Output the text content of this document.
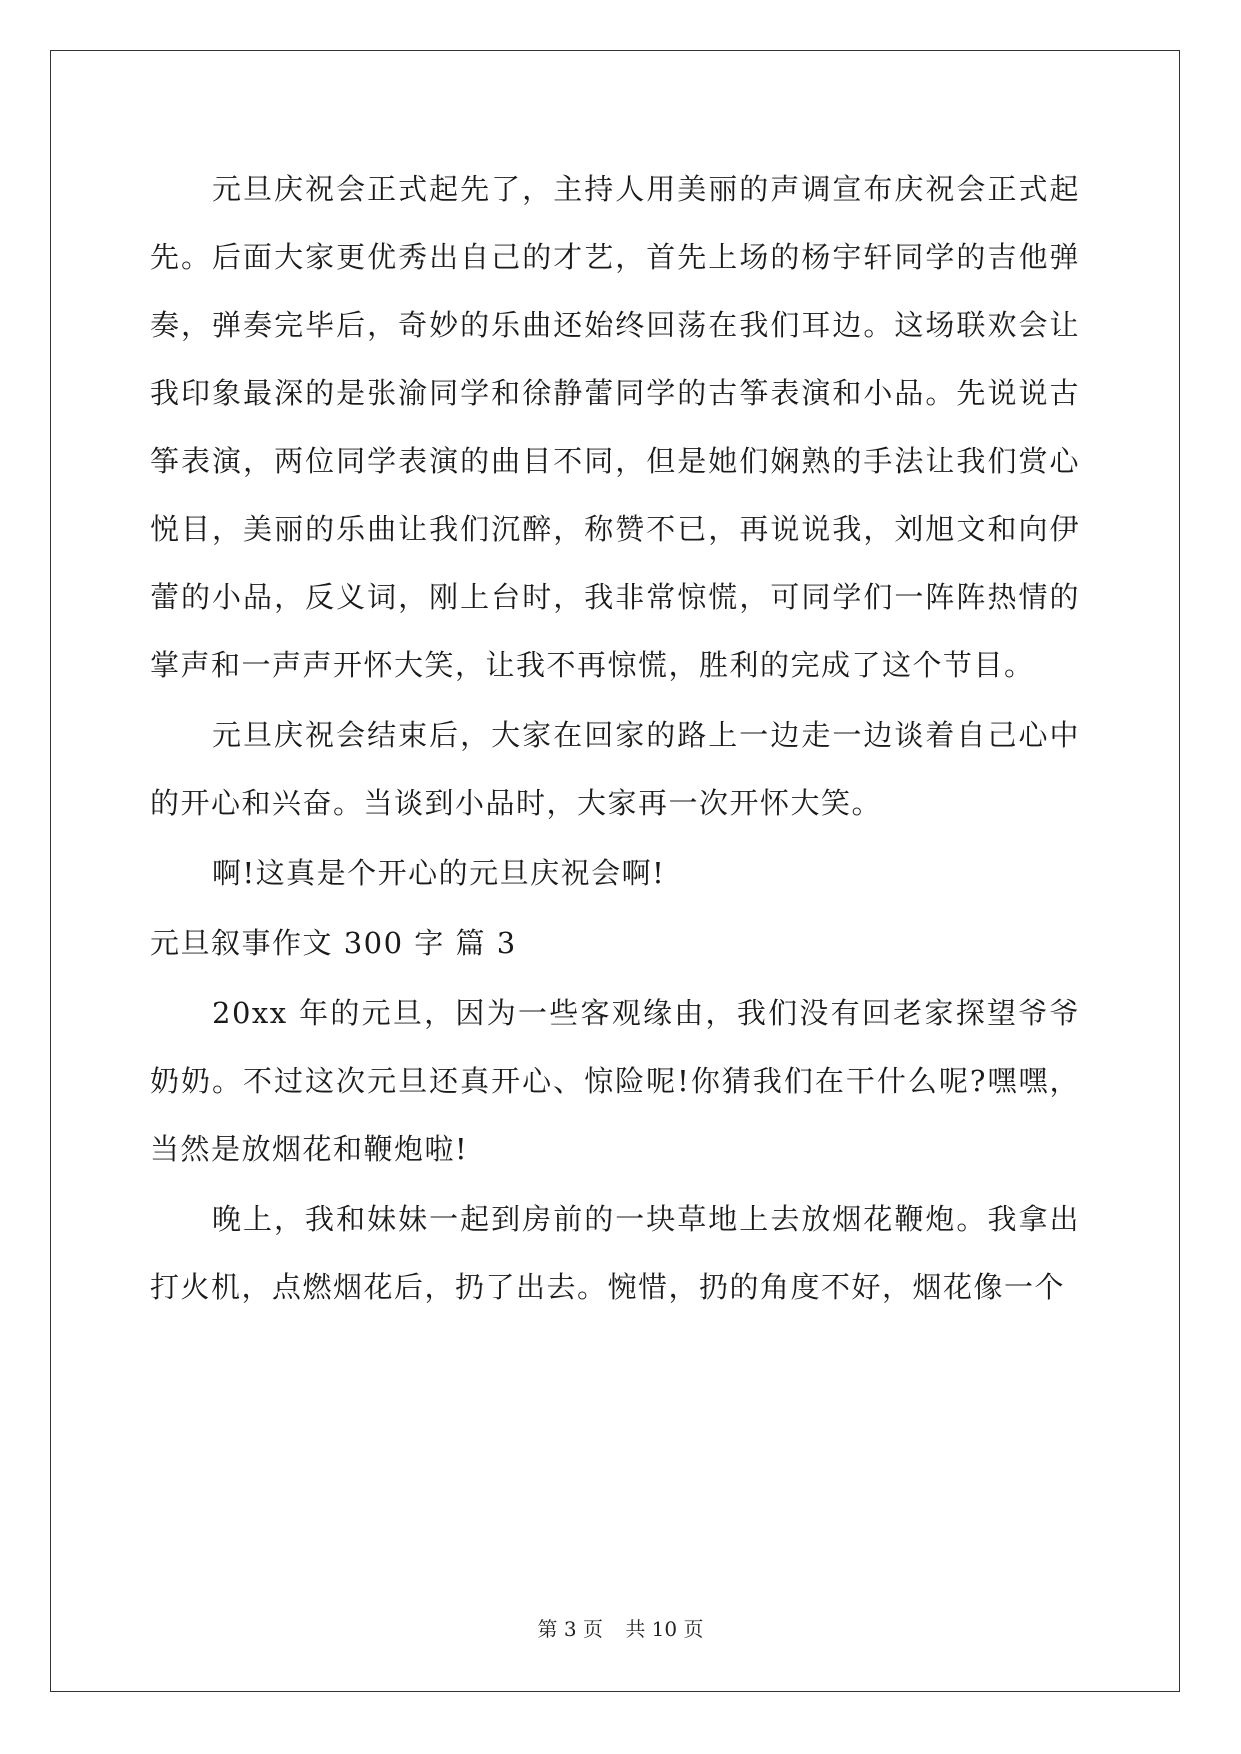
元旦庆祝会正式起先了，主持人用美丽的声调宣布庆祝会正式起先。后面大家更优秀出自己的才艺，首先上场的杨宇轩同学的吉他弹奏，弹奏完毕后，奇妙的乐曲还始终回荡在我们耳边。这场联欢会让我印象最深的是张渝同学和徐静蕾同学的古筝表演和小品。先说说古筝表演，两位同学表演的曲目不同，但是她们娴熟的手法让我们赏心悦目，美丽的乐曲让我们沉醉，称赞不已，再说说我，刘旭文和向伊蕾的小品，反义词，刚上台时，我非常惊慌，可同学们一阵阵热情的掌声和一声声开怀大笑，让我不再惊慌，胜利的完成了这个节目。

元旦庆祝会结束后，大家在回家的路上一边走一边谈着自己心中的开心和兴奋。当谈到小品时，大家再一次开怀大笑。

啊!这真是个开心的元旦庆祝会啊!

元旦叙事作文 300 字 篇 3

20xx 年的元旦，因为一些客观缘由，我们没有回老家探望爷爷奶奶。不过这次元旦还真开心、惊险呢!你猜我们在干什么呢?嘿嘿，当然是放烟花和鞭炮啦!

晚上，我和妹妹一起到房前的一块草地上去放烟花鞭炮。我拿出打火机，点燃烟花后，扔了出去。惋惜，扔的角度不好，烟花像一个

第 3 页 共 10 页
